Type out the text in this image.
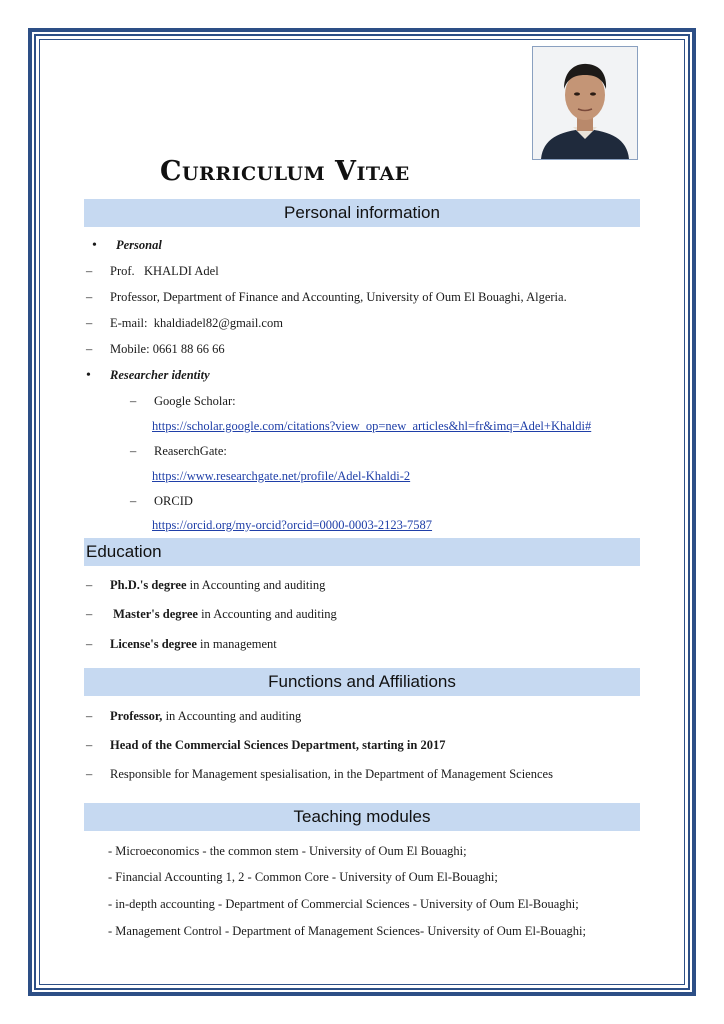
Curriculum Vitae
Personal information
• Personal
– Prof. KHALDI Adel
– Professor, Department of Finance and Accounting, University of Oum El Bouaghi, Algeria.
– E-mail: khaldiadel82@gmail.com
– Mobile: 0661 88 66 66
• Researcher identity
– Google Scholar:
https://scholar.google.com/citations?view_op=new_articles&hl=fr&imq=Adel+Khaldi#
– ReaserchGate:
https://www.researchgate.net/profile/Adel-Khaldi-2
– ORCID
https://orcid.org/my-orcid?orcid=0000-0003-2123-7587
Education
– Ph.D.'s degree in Accounting and auditing
– Master's degree in Accounting and auditing
– License's degree in management
Functions and Affiliations
– Professor, in Accounting and auditing
– Head of the Commercial Sciences Department, starting in 2017
– Responsible for Management spesialisation, in the Department of Management Sciences
Teaching modules
- Microeconomics - the common stem - University of Oum El Bouaghi;
- Financial Accounting 1, 2 - Common Core - University of Oum El-Bouaghi;
- in-depth accounting - Department of Commercial Sciences - University of Oum El-Bouaghi;
- Management Control - Department of Management Sciences- University of Oum El-Bouaghi;
